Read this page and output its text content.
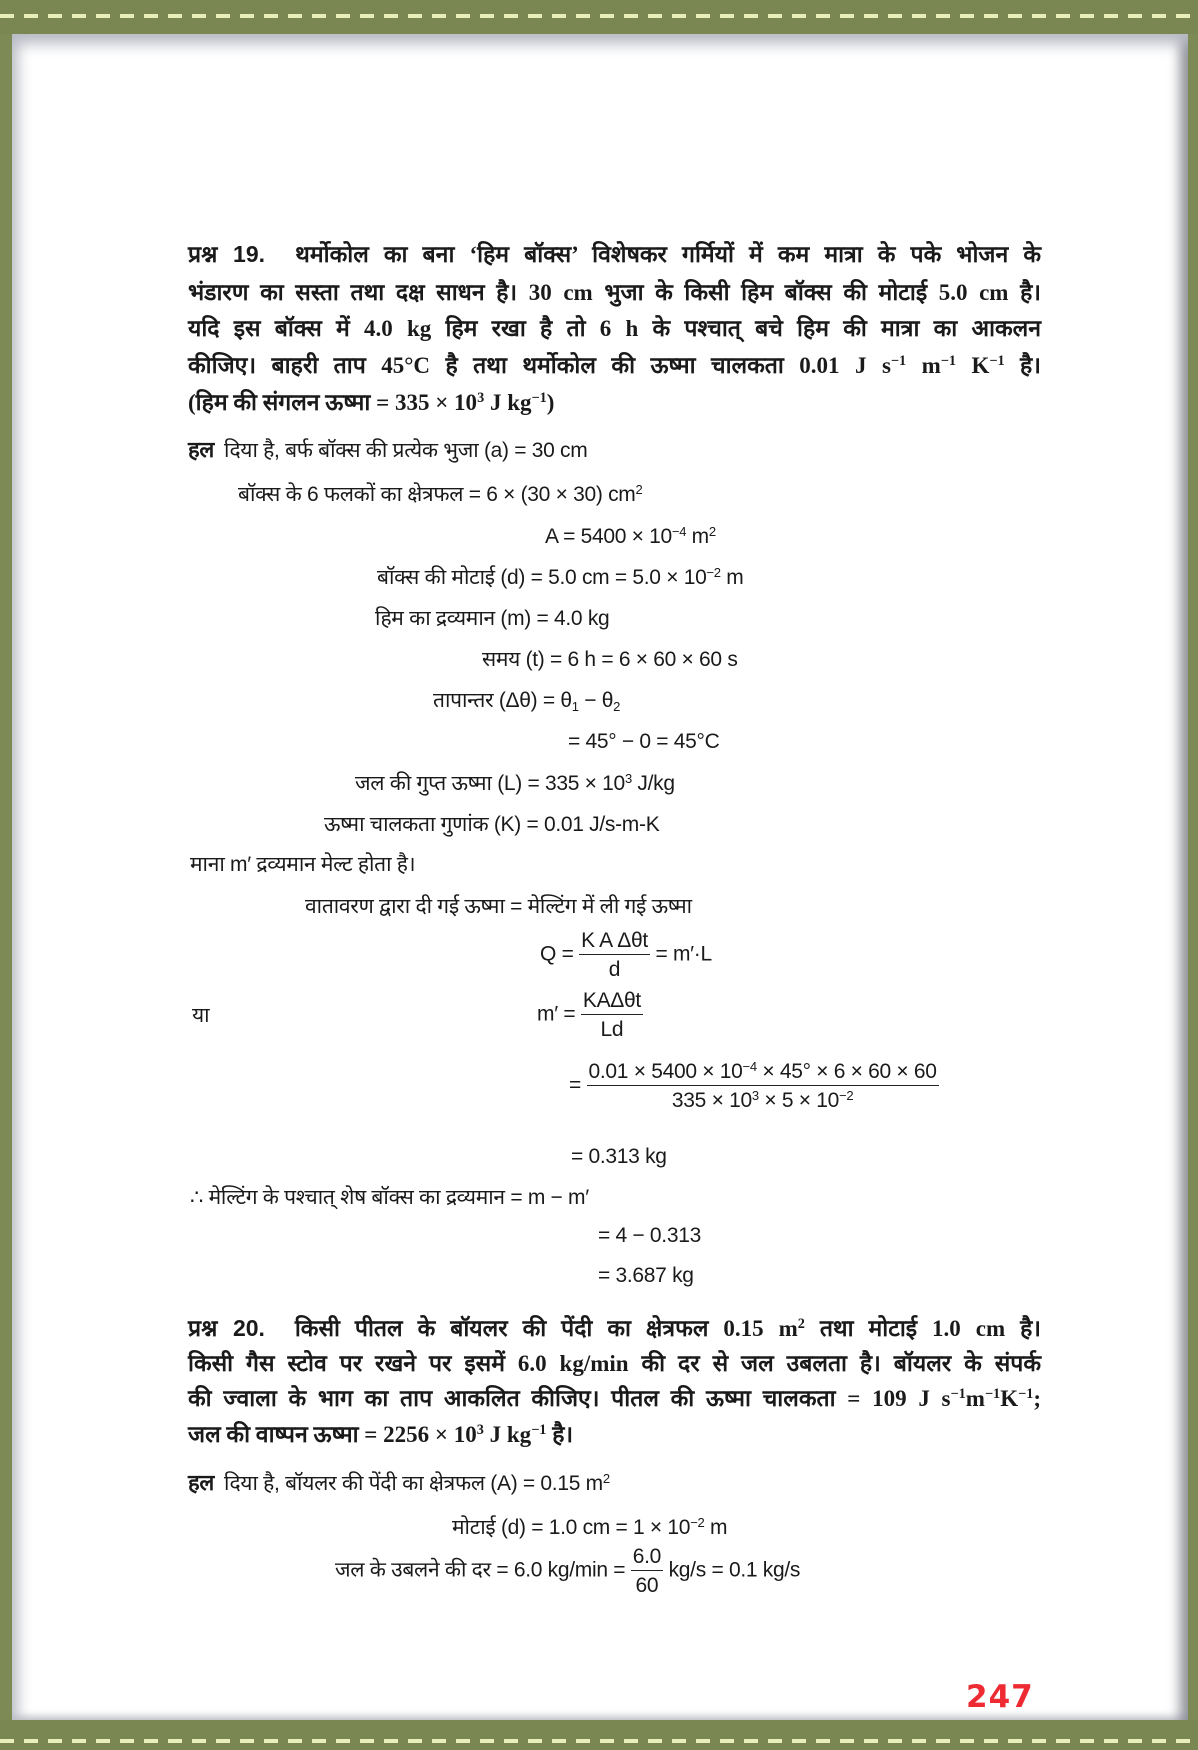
प्रश्न 19. थर्मोकोल का बना ‘हिम बॉक्स’ विशेषकर गर्मियों में कम मात्रा के पके भोजन के
भंडारण का सस्ता तथा दक्ष साधन है। 30 cm भुजा के किसी हिम बॉक्स की मोटाई 5.0 cm है।
यदि इस बॉक्स में 4.0 kg हिम रखा है तो 6 h के पश्चात् बचे हिम की मात्रा का आकलन
कीजिए। बाहरी ताप 45°C है तथा थर्मोकोल की ऊष्मा चालकता 0.01 J $s^{-1}$ $m^{-1}$ $K^{-1}$ है।
(हिम की संगलन ऊष्मा = $335 \times 10^3$ J $kg^{-1}$)
हल दिया है, बर्फ बॉक्स की प्रत्येक भुजा (a) = 30 cm
बॉक्स के 6 फलकों का क्षेत्रफल = 6 × (30 × 30) $cm^2$
$A = 5400 \times 10^{-4}$ $m^2$
बॉक्स की मोटाई (d) = 5.0 cm = $5.0 \times 10^{-2}$ m
हिम का द्रव्यमान (m) = 4.0 kg
समय (t) = 6 h = 6 × 60 × 60 s
तापान्तर $(\Delta\theta) = \theta_1 - \theta_2$
= 45° − 0 = 45°C
जल की गुप्त ऊष्मा $(L) = 335 \times 10^3$ J/kg
ऊष्मा चालकता गुणांक (K) = 0.01 J/s-m-K
माना m′ द्रव्यमान मेल्ट होता है।
वातावरण द्वारा दी गई ऊष्मा = मेल्टिंग में ली गई ऊष्मा
$Q = \frac{\text{K A Δθt}}{d} = m'\cdot L$
या	$m' = \frac{\text{KAΔθt}}{Ld}$
= $\frac{0.01 \times 5400 \times 10^{-4} \times 45^\circ \times 6 \times 60 \times 60}{335 \times 10^3 \times 5 \times 10^{-2}}$
= 0.313 kg
∴ मेल्टिंग के पश्चात् शेष बॉक्स का द्रव्यमान = m − m′
= 4 − 0.313
= 3.687 kg
प्रश्न 20. किसी पीतल के बॉयलर की पेंदी का क्षेत्रफल 0.15 $m^2$ तथा मोटाई 1.0 cm है।
किसी गैस स्टोव पर रखने पर इसमें 6.0 kg/min की दर से जल उबलता है। बॉयलर के संपर्क
की ज्वाला के भाग का ताप आकलित कीजिए। पीतल की ऊष्मा चालकता = 109 J $s^{-1}m^{-1}K^{-1}$;
जल की वाष्पन ऊष्मा = $2256 \times 10^3$ J $kg^{-1}$ है।
हल दिया है, बॉयलर की पेंदी का क्षेत्रफल (A) = 0.15 $m^2$
मोटाई (d) = 1.0 cm = $1 \times 10^{-2}$ m
जल के उबलने की दर = 6.0 $kg/\min = \frac{6.0}{60} kg/s = 0.1$ kg/s
247
